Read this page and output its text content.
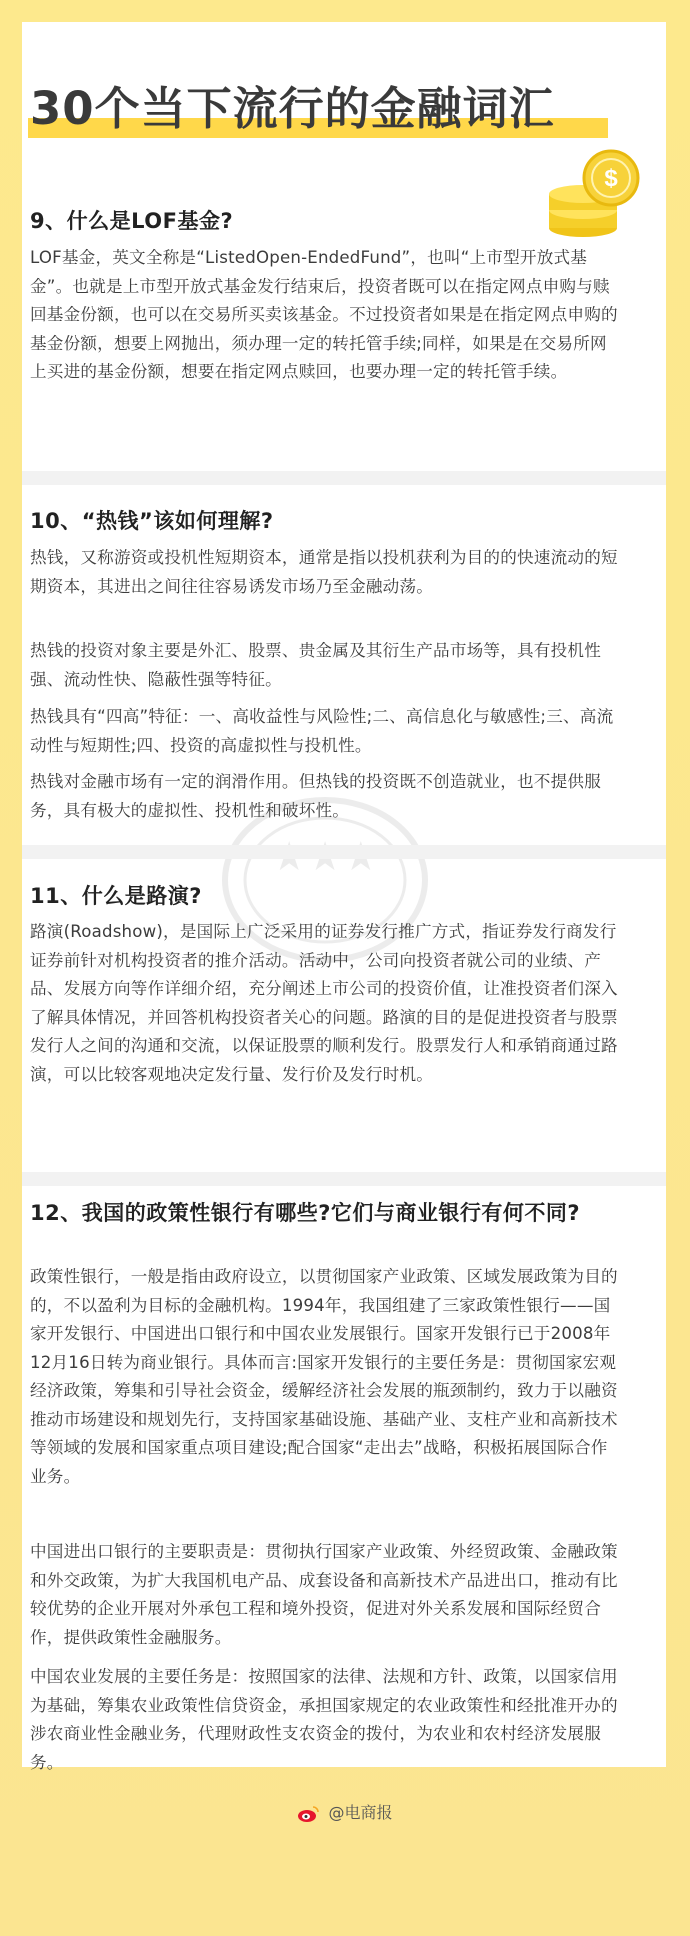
30个当下流行的金融词汇
$
9、什么是LOF基金?

LOF基金，英文全称是“ListedOpen-EndedFund”，也叫“上市型开放式基金”。也就是上市型开放式基金发行结束后，投资者既可以在指定网点申购与赎回基金份额，也可以在交易所买卖该基金。不过投资者如果是在指定网点申购的基金份额，想要上网抛出，须办理一定的转托管手续;同样，如果是在交易所网上买进的基金份额，想要在指定网点赎回，也要办理一定的转托管手续。

10、“热钱”该如何理解?

热钱，又称游资或投机性短期资本，通常是指以投机获利为目的的快速流动的短期资本，其进出之间往往容易诱发市场乃至金融动荡。

热钱的投资对象主要是外汇、股票、贵金属及其衍生产品市场等，具有投机性强、流动性快、隐蔽性强等特征。

热钱具有“四高”特征：一、高收益性与风险性;二、高信息化与敏感性;三、高流动性与短期性;四、投资的高虚拟性与投机性。

热钱对金融市场有一定的润滑作用。但热钱的投资既不创造就业，也不提供服务，具有极大的虚拟性、投机性和破坏性。

11、什么是路演?

路演(Roadshow)，是国际上广泛采用的证券发行推广方式，指证券发行商发行证券前针对机构投资者的推介活动。活动中，公司向投资者就公司的业绩、产品、发展方向等作详细介绍，充分阐述上市公司的投资价值，让准投资者们深入了解具体情况，并回答机构投资者关心的问题。路演的目的是促进投资者与股票发行人之间的沟通和交流，以保证股票的顺利发行。股票发行人和承销商通过路演，可以比较客观地决定发行量、发行价及发行时机。

12、我国的政策性银行有哪些?它们与商业银行有何不同?

政策性银行，一般是指由政府设立，以贯彻国家产业政策、区域发展政策为目的的，不以盈利为目标的金融机构。1994年，我国组建了三家政策性银行——国家开发银行、中国进出口银行和中国农业发展银行。国家开发银行已于2008年12月16日转为商业银行。具体而言:国家开发银行的主要任务是：贯彻国家宏观经济政策，筹集和引导社会资金，缓解经济社会发展的瓶颈制约，致力于以融资推动市场建设和规划先行，支持国家基础设施、基础产业、支柱产业和高新技术等领域的发展和国家重点项目建设;配合国家“走出去”战略，积极拓展国际合作业务。

中国进出口银行的主要职责是：贯彻执行国家产业政策、外经贸政策、金融政策和外交政策，为扩大我国机电产品、成套设备和高新技术产品进出口，推动有比较优势的企业开展对外承包工程和境外投资，促进对外关系发展和国际经贸合作，提供政策性金融服务。

中国农业发展的主要任务是：按照国家的法律、法规和方针、政策，以国家信用为基础，筹集农业政策性信贷资金，承担国家规定的农业政策性和经批准开办的涉农商业性金融业务，代理财政性支农资金的拨付，为农业和农村经济发展服务。

@电商报
